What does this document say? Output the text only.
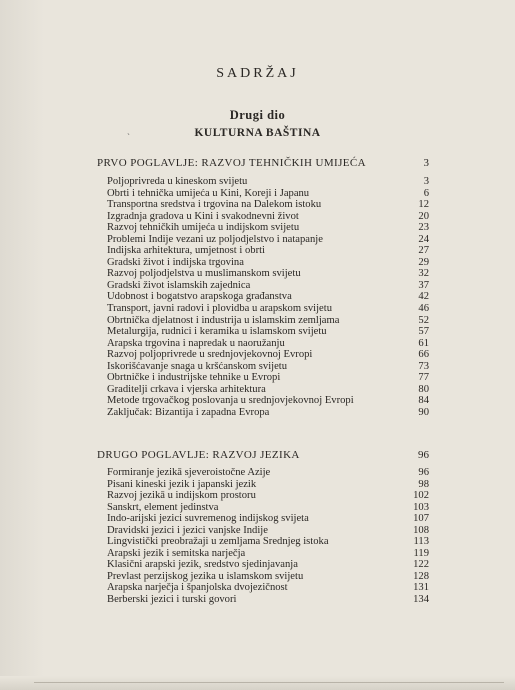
SADRŽAJ
Drugi dio
`	KULTURNA BAŠTINA
PRVO POGLAVLJE: RAZVOJ TEHNIČKIH UMIJEĆA	3
Poljoprivreda u kineskom svijetu	3
Obrti i tehnička umijeća u Kini, Koreji i Japanu	6
Transportna sredstva i trgovina na Dalekom istoku	12
Izgradnja gradova u Kini i svakodnevni život	20
Razvoj tehničkih umijeća u indijskom svijetu	23
Problemi Indije vezani uz poljodjelstvo i natapanje	24
Indijska arhitektura, umjetnost i obrti	27
Gradski život i indijska trgovina	29
Razvoj poljodjelstva u muslimanskom svijetu	32
Gradski život islamskih zajednica	37
Udobnost i bogatstvo arapskoga građanstva	42
Transport, javni radovi i plovidba u arapskom svijetu	46
Obrtnička djelatnost i industrija u islamskim zemljama	52
Metalurgija, rudnici i keramika u islamskom svijetu	57
Arapska trgovina i napredak u naoružanju	61
Razvoj poljoprivrede u srednjovjekovnoj Evropi	66
Iskorišćavanje snaga u kršćanskom svijetu	73
Obrtničke i industrijske tehnike u Evropi	77
Graditelji crkava i vjerska arhitektura	80
Metode trgovačkog poslovanja u srednjovjekovnoj Evropi	84
Zaključak: Bizantija i zapadna Evropa	90
DRUGO POGLAVLJE: RAZVOJ JEZIKA	96
Formiranje jezikā sjeveroistočne Azije	96
Pisani kineski jezik i japanski jezik	98
Razvoj jezikā u indijskom prostoru	102
Sanskrt, element jedinstva	103
Indo-arijski jezici suvremenog indijskog svijeta	107
Dravidski jezici i jezici vanjske Indije	108
Lingvistički preobražaji u zemljama Srednjeg istoka	113
Arapski jezik i semitska narječja	119
Klasični arapski jezik, sredstvo sjedinjavanja	122
Prevlast perzijskog jezika u islamskom svijetu	128
Arapska narječja i španjolska dvojezičnost	131
Berberski jezici i turski govori	134
